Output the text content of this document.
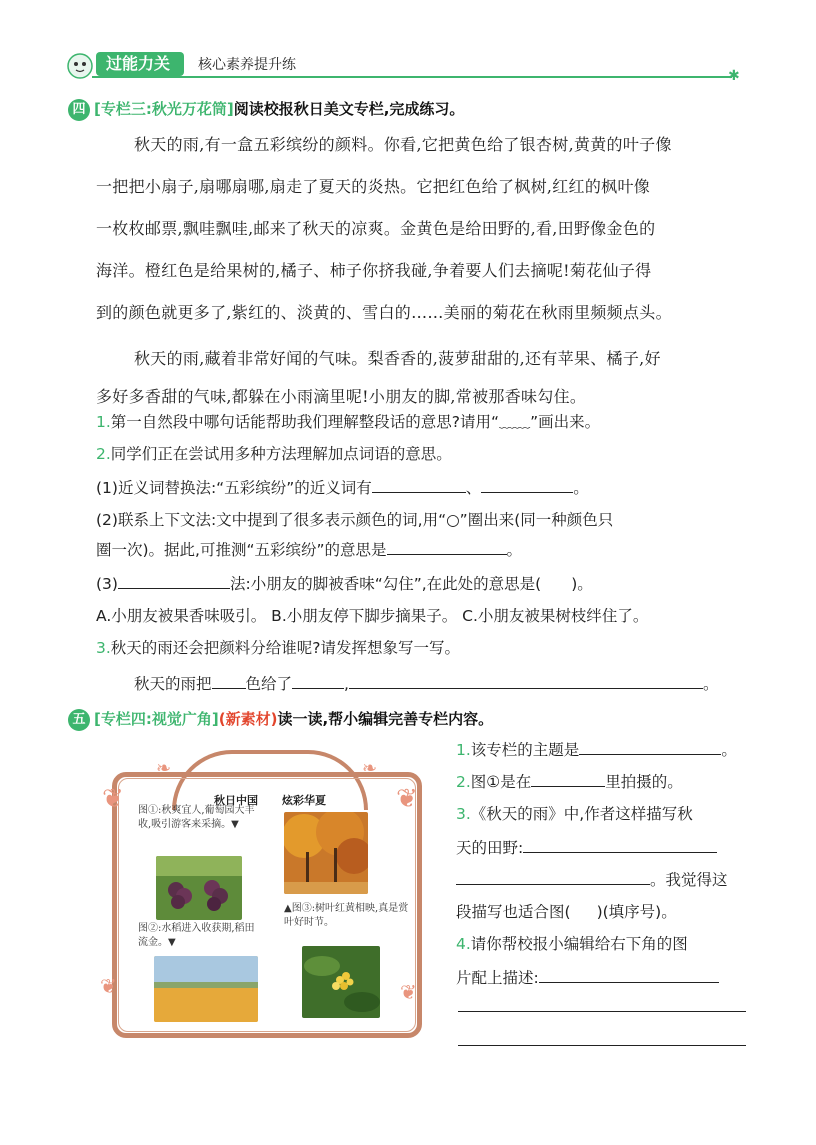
过能力关	核心素养提升练
✱
四 [专栏三:秋光万花筒]阅读校报秋日美文专栏,完成练习。
秋天的雨,有一盒五彩缤纷的颜料。你看,它把黄色给了银杏树,黄黄的叶子像
一把把小扇子,扇哪扇哪,扇走了夏天的炎热。它把红色给了枫树,红红的枫叶像
一枚枚邮票,飘哇飘哇,邮来了秋天的凉爽。金黄色是给田野的,看,田野像金色的
海洋。橙红色是给果树的,橘子、柿子你挤我碰,争着要人们去摘呢!菊花仙子得
到的颜色就更多了,紫红的、淡黄的、雪白的……美丽的菊花在秋雨里频频点头。
秋天的雨,藏着非常好闻的气味。梨香香的,菠萝甜甜的,还有苹果、橘子,好
多好多香甜的气味,都躲在小雨滴里呢!小朋友的脚,常被那香味勾住。
1.第一自然段中哪句话能帮助我们理解整段话的意思?请用“﹏﹏”画出来。
2.同学们正在尝试用多种方法理解加点词语的意思。
(1)近义词替换法:“五彩缤纷”的近义词有	、	。
(2)联系上下文法:文中提到了很多表示颜色的词,用“○”圈出来(同一种颜色只
圈一次)。据此,可推测“五彩缤纷”的意思是	。
(3)	法:小朋友的脚被香味“勾住”,在此处的意思是( )。
A.小朋友被果香味吸引。 B.小朋友停下脚步摘果子。 C.小朋友被果树枝绊住了。
3.秋天的雨还会把颜料分给谁呢?请发挥想象写一写。
秋天的雨把 色给了	,	。
五 [专栏四:视觉广角](新素材)读一读,帮小编辑完善专栏内容。
❦	❦
❧	❧
❦	❦
秋日中国 炫彩华夏
图①:秋爽宜人,葡萄园大丰收,吸引游客来采摘。▼
图②:水稻进入收获期,稻田流金。▼
▲图③:树叶红黄相映,真是赏叶好时节。
1.该专栏的主题是	。
2.图①是在	里拍摄的。
3.《秋天的雨》中,作者这样描写秋
天的田野:
。我觉得这
段描写也适合图( )(填序号)。
4.请你帮校报小编辑给右下角的图
片配上描述:
